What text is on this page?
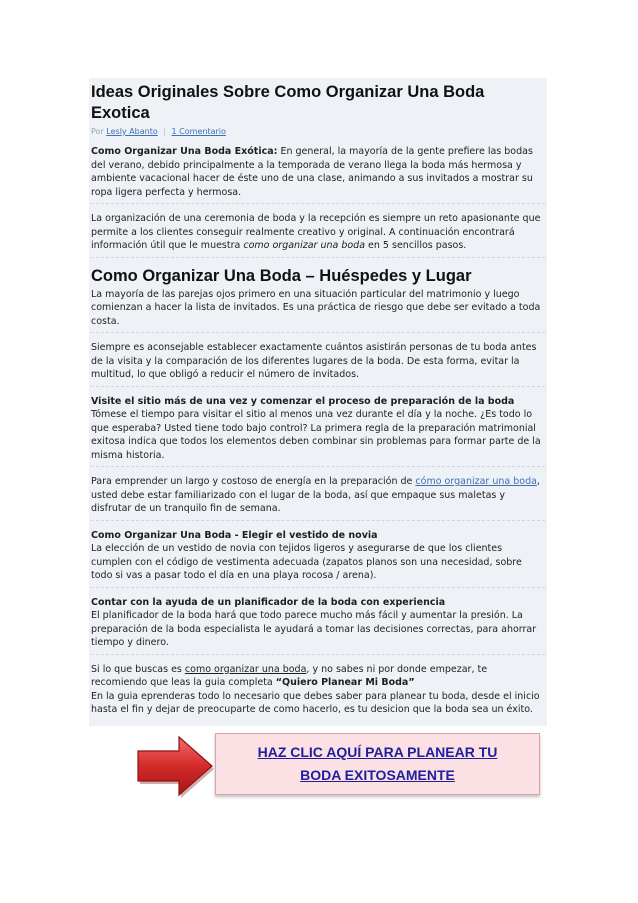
Ideas Originales Sobre Como Organizar Una Boda Exotica
Por Lesly Abanto | 1 Comentario

Como Organizar Una Boda Exótica: En general, la mayoría de la gente prefiere las bodas del verano, debido principalmente a la temporada de verano llega la boda más hermosa y ambiente vacacional hacer de éste uno de una clase, animando a sus invitados a mostrar su ropa ligera perfecta y hermosa.

La organización de una ceremonia de boda y la recepción es siempre un reto apasionante que permite a los clientes conseguir realmente creativo y original. A continuación encontrará información útil que le muestra como organizar una boda en 5 sencillos pasos.

Como Organizar Una Boda – Huéspedes y Lugar

La mayoría de las parejas ojos primero en una situación particular del matrimonio y luego comienzan a hacer la lista de invitados. Es una práctica de riesgo que debe ser evitado a toda costa.

Siempre es aconsejable establecer exactamente cuántos asistirán personas de tu boda antes de la visita y la comparación de los diferentes lugares de la boda. De esta forma, evitar la multitud, lo que obligó a reducir el número de invitados.

Visite el sitio más de una vez y comenzar el proceso de preparación de la boda
Tómese el tiempo para visitar el sitio al menos una vez durante el día y la noche. ¿Es todo lo que esperaba? Usted tiene todo bajo control? La primera regla de la preparación matrimonial exitosa indica que todos los elementos deben combinar sin problemas para formar parte de la misma historia.

Para emprender un largo y costoso de energía en la preparación de cómo organizar una boda, usted debe estar familiarizado con el lugar de la boda, así que empaque sus maletas y disfrutar de un tranquilo fin de semana.

Como Organizar Una Boda - Elegir el vestido de novia
La elección de un vestido de novia con tejidos ligeros y asegurarse de que los clientes cumplen con el código de vestimenta adecuada (zapatos planos son una necesidad, sobre todo si vas a pasar todo el día en una playa rocosa / arena).

Contar con la ayuda de un planificador de la boda con experiencia
El planificador de la boda hará que todo parece mucho más fácil y aumentar la presión. La preparación de la boda especialista le ayudará a tomar las decisiones correctas, para ahorrar tiempo y dinero.

Si lo que buscas es como organizar una boda, y no sabes ni por donde empezar, te recomiendo que leas la guia completa “Quiero Planear Mi Boda”
En la guia eprenderas todo lo necesario que debes saber para planear tu boda, desde el inicio hasta el fin y dejar de preocuparte de como hacerlo, es tu desicion que la boda sea un éxito.

HAZ CLIC AQUÍ PARA PLANEAR TU
BODA EXITOSAMENTE
